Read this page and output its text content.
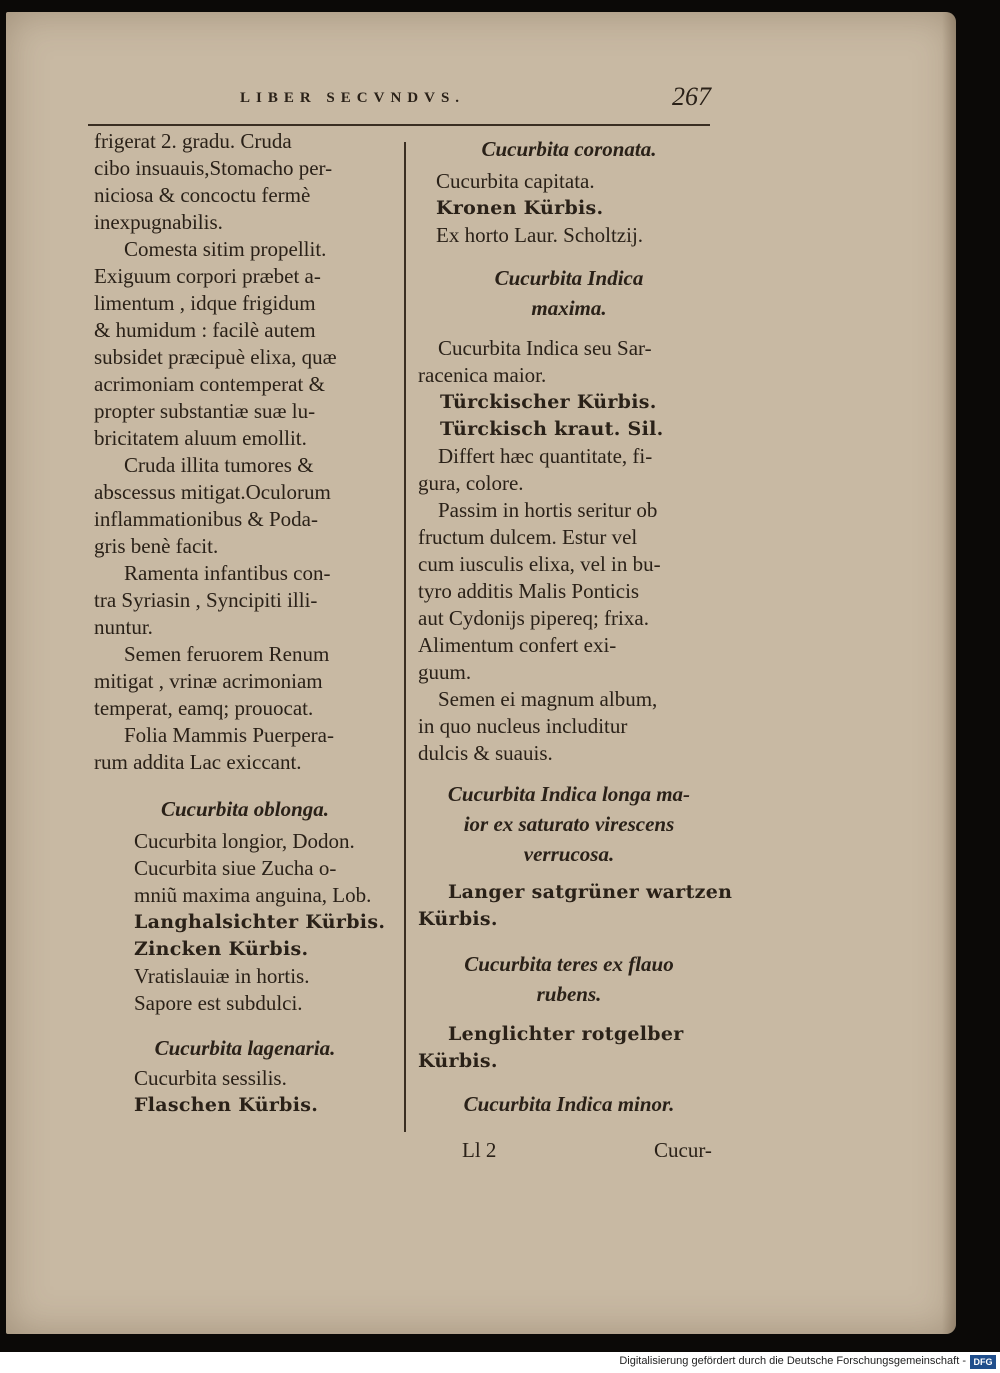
LIBER SECVNDVS.	267
frigerat 2. gradu. Cruda
cibo insuauis,Stomacho per-
niciosa & concoctu fermè
inexpugnabilis.
Comesta sitim propellit.
Exiguum corpori præbet a-
limentum , idque frigidum
& humidum : facilè autem
subsidet præcipuè elixa, quæ
acrimoniam contemperat &
propter substantiæ suæ lu-
bricitatem aluum emollit.
Cruda illita tumores &
abscessus mitigat.Oculorum
inflammationibus & Poda-
gris benè facit.
Ramenta infantibus con-
tra Syriasin , Syncipiti illi-
nuntur.
Semen feruorem Renum
mitigat , vrinæ acrimoniam
temperat, eamq; prouocat.
Folia Mammis Puerpera-
rum addita Lac exiccant.
Cucurbita oblonga.
Cucurbita longior, Dodon.
Cucurbita siue Zucha o-
mniũ maxima anguina, Lob.
Langhalsichter Kürbis.
Zincken Kürbis.
Vratislauiæ in hortis.
Sapore est subdulci.
Cucurbita lagenaria.
Cucurbita sessilis.
Flaschen Kürbis.
Cucurbita coronata.
Cucurbita capitata.
Kronen Kürbis.
Ex horto Laur. Scholtzij.
Cucurbita Indica
maxima.
Cucurbita Indica seu Sar-
racenica maior.
Türckischer Kürbis.
Türckisch kraut. Sil.
Differt hæc quantitate, fi-
gura, colore.
Passim in hortis seritur ob
fructum dulcem. Estur vel
cum iusculis elixa, vel in bu-
tyro additis Malis Ponticis
aut Cydonijs pipereq; frixa.
Alimentum confert exi-
guum.
Semen ei magnum album,
in quo nucleus includitur
dulcis & suauis.
Cucurbita Indica longa ma-
ior ex saturato virescens
verrucosa.
Langer satgrüner wartzen
Kürbis.
Cucurbita teres ex flauo
rubens.
Lenglichter rotgelber
Kürbis.
Cucurbita Indica minor.
Ll 2	Cucur-
Digitalisierung gefördert durch die Deutsche Forschungsgemeinschaft - DFG
